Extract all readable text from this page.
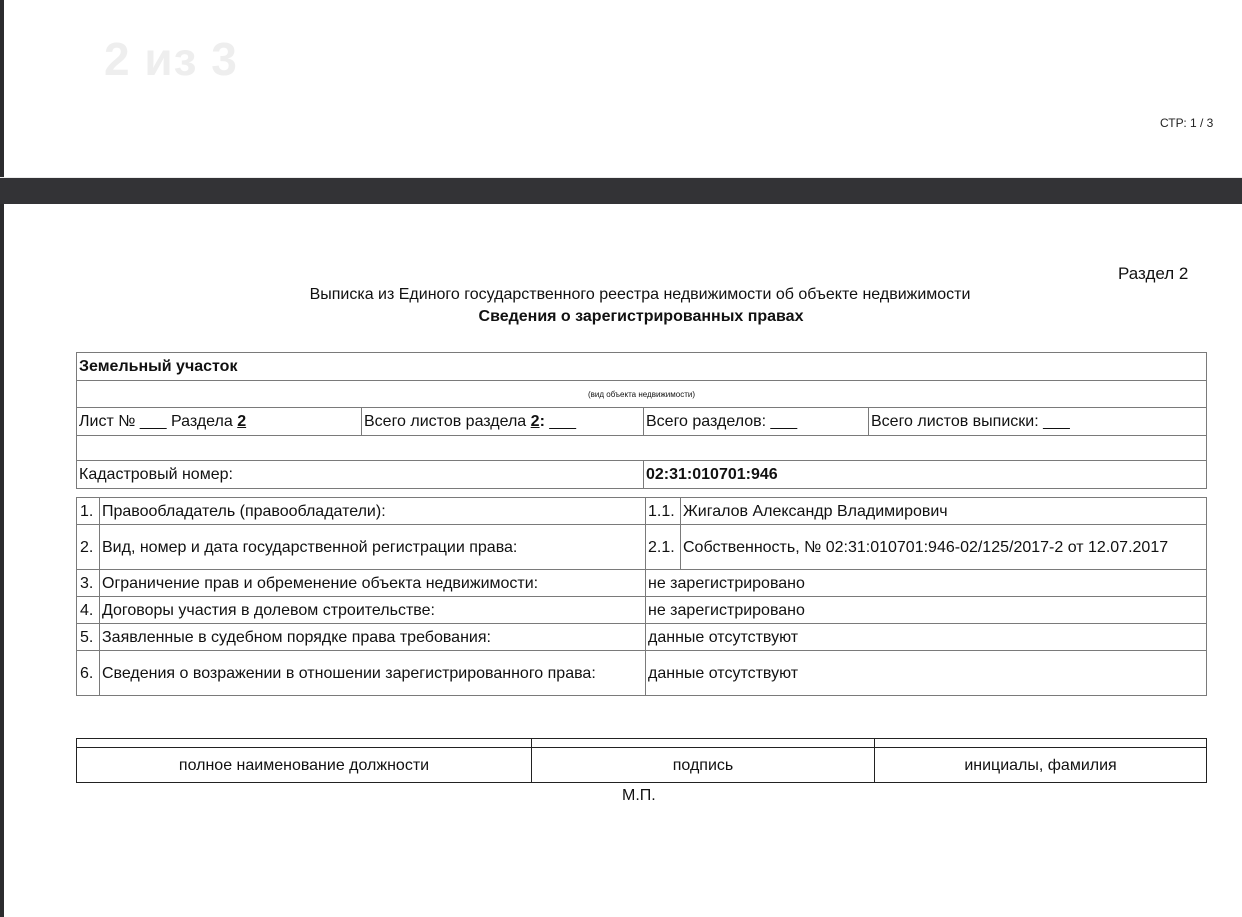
2 из 3
СТР: 1 / 3
Раздел 2
Выписка из Единого государственного реестра недвижимости об объекте недвижимости
Сведения о зарегистрированных правах
Земельный участок			
(вид объекта недвижимости)			
Лист № ___ Раздела 2	Всего листов раздела 2: ___	Всего разделов: ___	Всего листов выписки: ___

Кадастровый номер:		02:31:010701:946	
1.	Правообладатель (правообладатели):	1.1.	Жигалов Александр Владимирович
2.	Вид, номер и дата государственной регистрации права:	2.1.	Собственность, № 02:31:010701:946-02/125/2017-2 от 12.07.2017
3.	Ограничение прав и обременение объекта недвижимости:	не зарегистрировано	
4.	Договоры участия в долевом строительстве:	не зарегистрировано	
5.	Заявленные в судебном порядке права требования:	данные отсутствуют	
6.	Сведения о возражении в отношении зарегистрированного права:	данные отсутствуют	

полное наименование должности	подпись	инициалы, фамилия
М.П.
